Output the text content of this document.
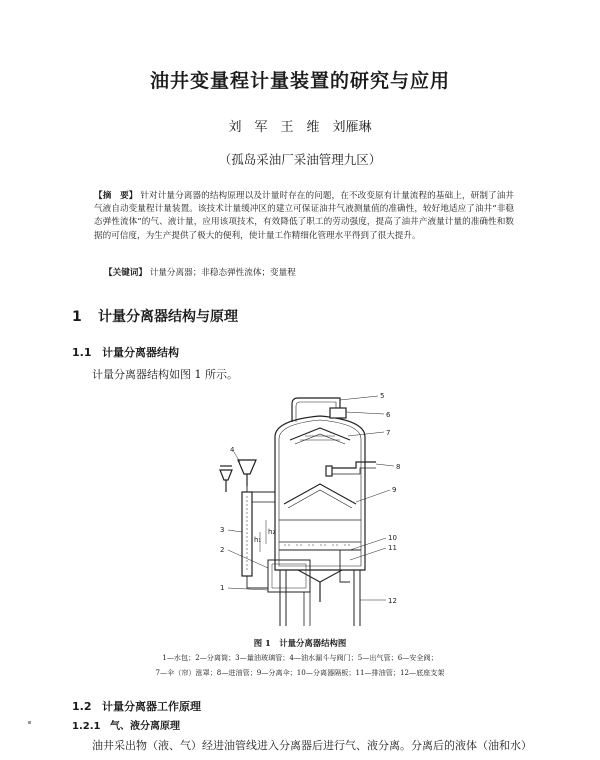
油井变量程计量装置的研究与应用
刘　军　王　维　刘雁琳
（孤岛采油厂采油管理九区）
【摘　要】 针对计量分离器的结构原理以及计量时存在的问题，在不改变原有计量流程的基础上，研制了油井气液自动变量程计量装置。该技术计量缓冲区的建立可保证油井气液测量值的准确性，较好地适应了油井“非稳态弹性流体”的气、液计量，应用该项技术，有效降低了职工的劳动强度，提高了油井产液量计量的准确性和数据的可信度，为生产提供了极大的便利，使计量工作精细化管理水平得到了很大提升。
【关键词】 计量分离器；非稳态弹性流体；变量程
1 计量分离器结构与原理
1.1 计量分离器结构
计量分离器结构如图 1 所示。
5
6
7
8
9
10
11
12
3
2
1
4
h₁
h₂
图 1　计量分离器结构图
1—水包；2—分离筒；3—量油玻璃管；4—油水漏斗与阀门；5—出气管；6—安全阀；
7—伞（帘）涨罩；8—进油管；9—分离伞；10—分离器隔板；11—排油管；12—底座支架
1.2 计量分离器工作原理
1.2.1 气、液分离原理
油井采出物（液、气）经进油管线进入分离器后进行气、液分离。分离后的液体（油和水）
